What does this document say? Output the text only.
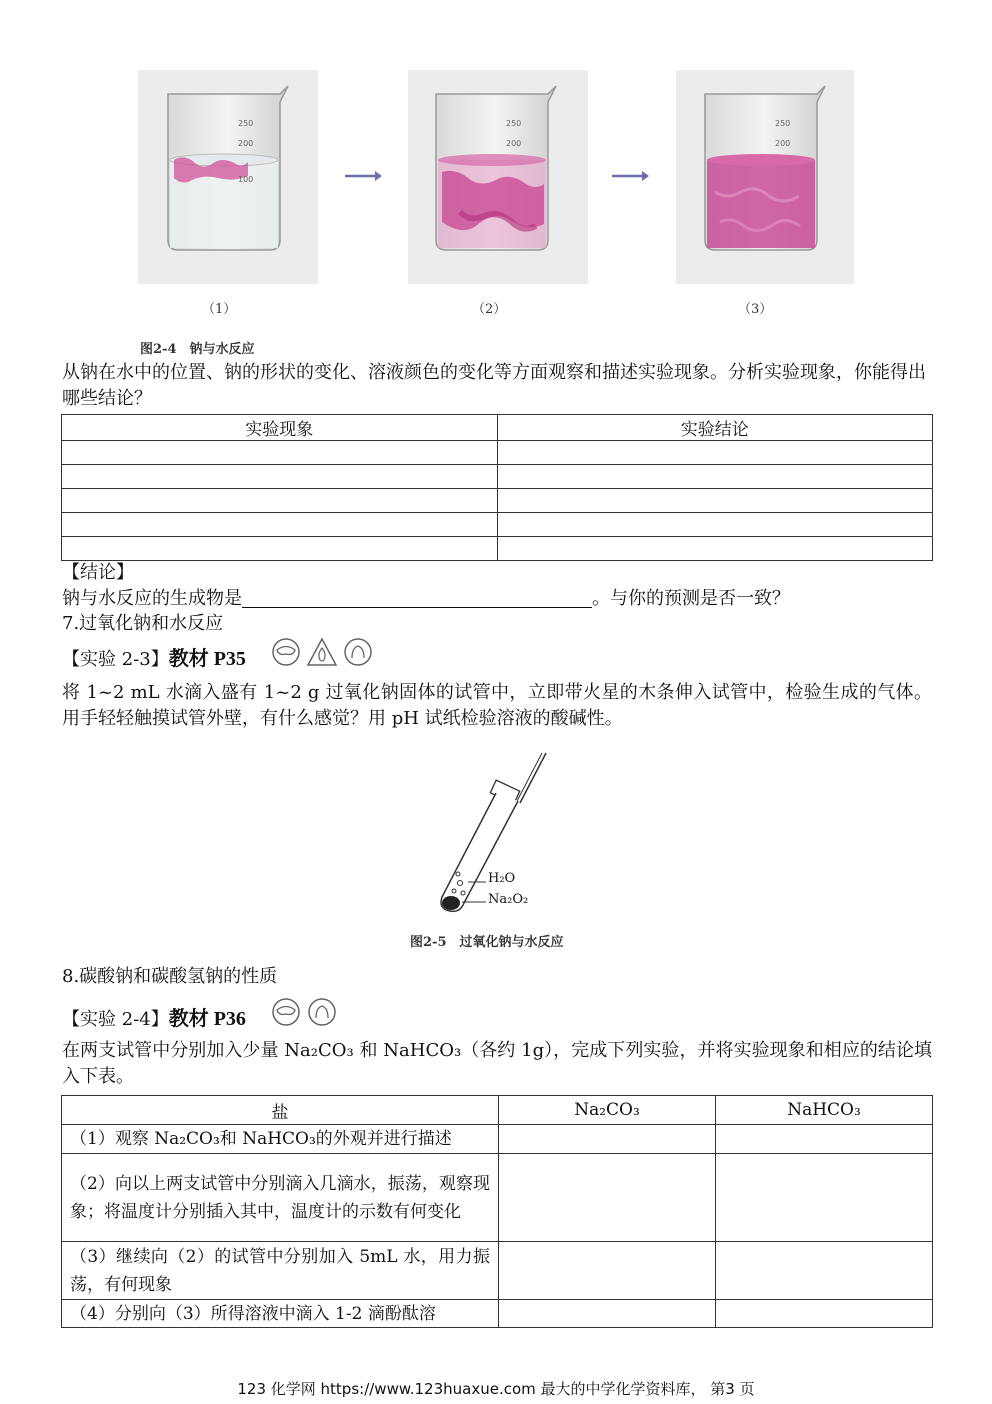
250
200
100
250
200
250
200
（1）	（2）	（3）
图2-4　钠与水反应
从钠在水中的位置、钠的形状的变化、溶液颜色的变化等方面观察和描述实验现象。分析实验现象，你能得出哪些结论？
实验现象	实验结论

【结论】
钠与水反应的生成物是	。与你的预测是否一致？
7.过氧化钠和水反应
【实验 2-3】教材 P35
将 1~2 mL 水滴入盛有 1~2 g 过氧化钠固体的试管中，立即带火星的木条伸入试管中，检验生成的气体。用手轻轻触摸试管外壁，有什么感觉？用 pH 试纸检验溶液的酸碱性。
H₂O
Na₂O₂
图2-5　过氧化钠与水反应
8.碳酸钠和碳酸氢钠的性质
【实验 2-4】教材 P36
在两支试管中分别加入少量 Na₂CO₃ 和 NaHCO₃（各约 1g），完成下列实验，并将实验现象和相应的结论填入下表。
盐	Na₂CO₃	NaHCO₃
（1）观察 Na₂CO₃和 NaHCO₃的外观并进行描述		
（2）向以上两支试管中分别滴入几滴水，振荡，观察现象；将温度计分别插入其中，温度计的示数有何变化		
（3）继续向（2）的试管中分别加入 5mL 水，用力振荡，有何现象		
（4）分别向（3）所得溶液中滴入 1-2 滴酚酞溶		
123 化学网 https://www.123huaxue.com 最大的中学化学资料库， 第3 页
